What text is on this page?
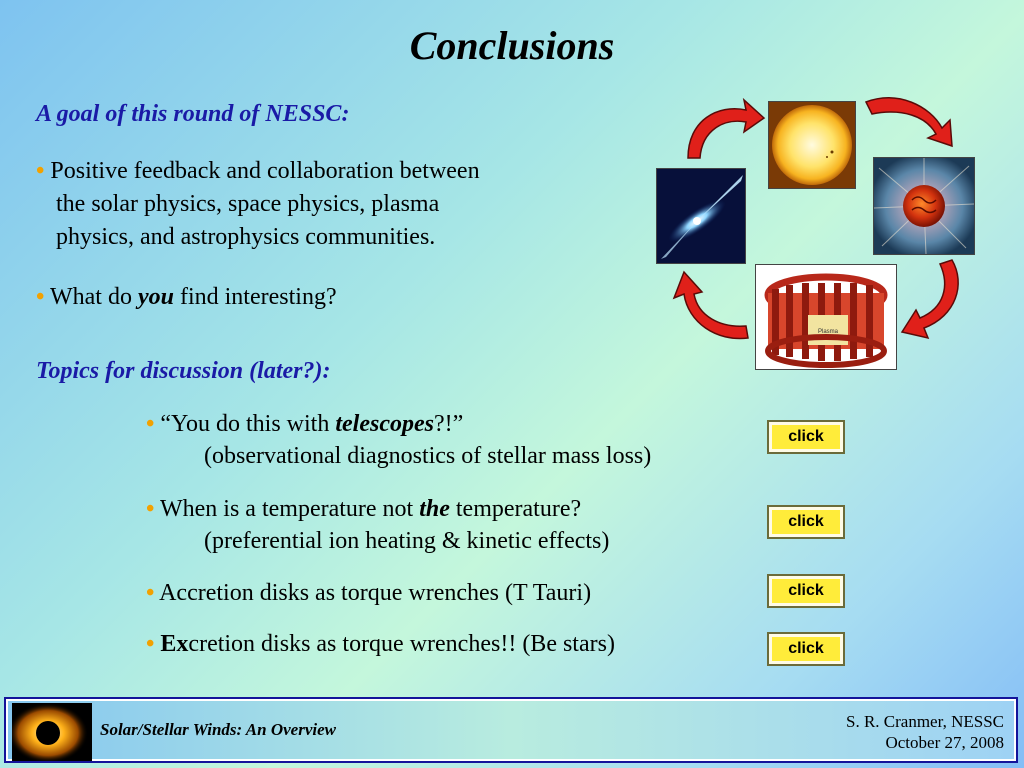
Conclusions
A goal of this round of NESSC:
• Positive feedback and collaboration between
the solar physics, space physics, plasma
physics, and astrophysics communities.
• What do you find interesting?
Topics for discussion (later?):
• “You do this with telescopes?!”
(observational diagnostics of stellar mass loss)
• When is a temperature not the temperature?
(preferential ion heating & kinetic effects)
• Accretion disks as torque wrenches (T Tauri)
• Excretion disks as torque wrenches!! (Be stars)
click
click
click
click
Plasma
Solar/Stellar Winds: An Overview	S. R. Cranmer, NESSC
October 27, 2008
